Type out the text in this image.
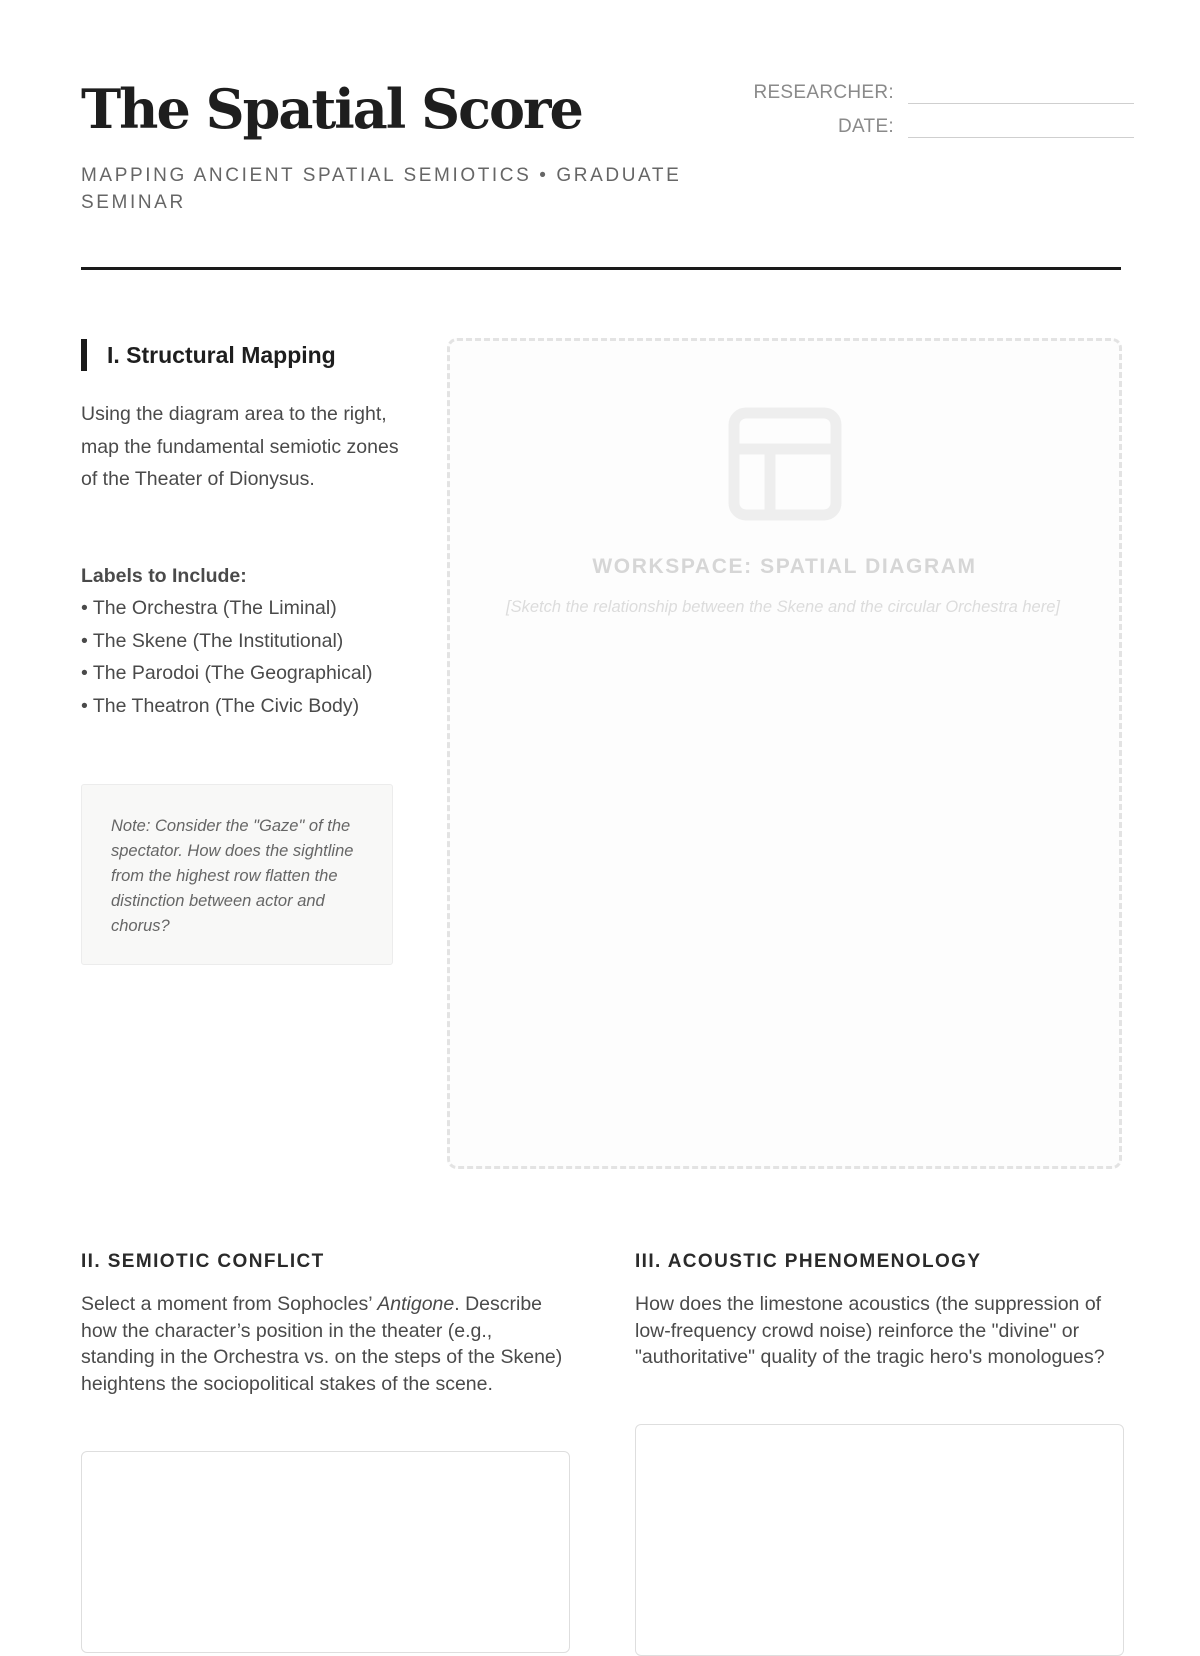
The Spatial Score
MAPPING ANCIENT SPATIAL SEMIOTICS • GRADUATE SEMINAR
RESEARCHER:
DATE:
I. Structural Mapping
Using the diagram area to the right, map the fundamental semiotic zones of the Theater of Dionysus.
Labels to Include:
• The Orchestra (The Liminal)
• The Skene (The Institutional)
• The Parodoi (The Geographical)
• The Theatron (The Civic Body)
Note: Consider the "Gaze" of the spectator. How does the sightline from the highest row flatten the distinction between actor and chorus?
WORKSPACE: SPATIAL DIAGRAM
[Sketch the relationship between the Skene and the circular Orchestra here]
II. SEMIOTIC CONFLICT
Select a moment from Sophocles’ Antigone. Describe how the character’s position in the theater (e.g., standing in the Orchestra vs. on the steps of the Skene) heightens the sociopolitical stakes of the scene.
III. ACOUSTIC PHENOMENOLOGY
How does the limestone acoustics (the suppression of low-frequency crowd noise) reinforce the "divine" or "authoritative" quality of the tragic hero's monologues?
